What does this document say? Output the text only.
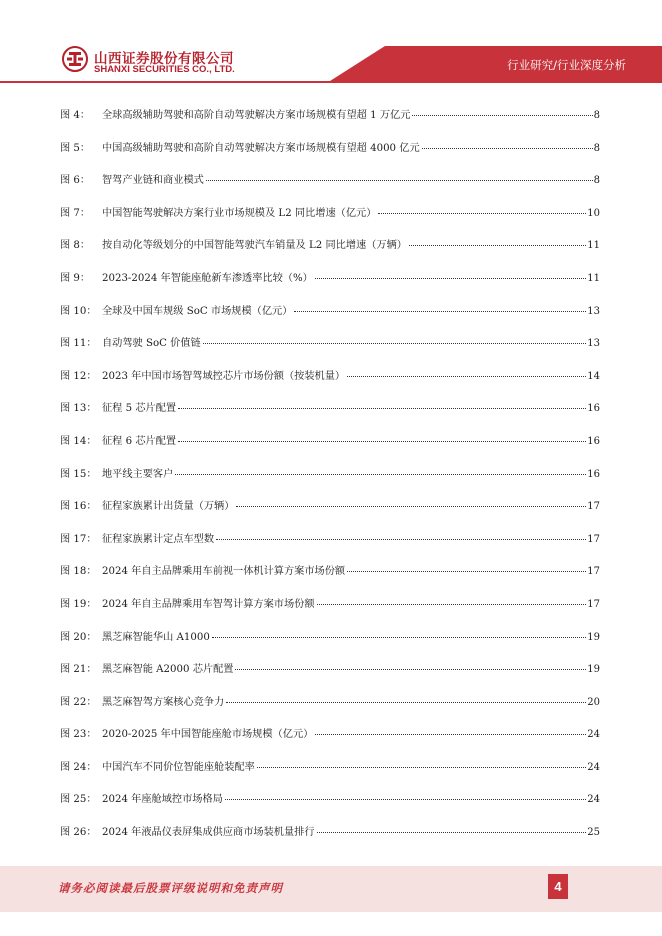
山西证券股份有限公司
SHANXI SECURITIES CO., LTD.	行业研究/行业深度分析
图 4：	全球高级辅助驾驶和高阶自动驾驶解决方案市场规模有望超 1 万亿元	8
图 5：	中国高级辅助驾驶和高阶自动驾驶解决方案市场规模有望超 4000 亿元	8
图 6：	智驾产业链和商业模式	8
图 7：	中国智能驾驶解决方案行业市场规模及 L2 同比增速（亿元）	10
图 8：	按自动化等级划分的中国智能驾驶汽车销量及 L2 同比增速（万辆）	11
图 9：	2023-2024 年智能座舱新车渗透率比较（%）	11
图 10： 全球及中国车规级 SoC 市场规模（亿元）	13
图 11： 自动驾驶 SoC 价值链	13
图 12： 2023 年中国市场智驾域控芯片市场份额（按装机量）	14
图 13： 征程 5 芯片配置	16
图 14： 征程 6 芯片配置	16
图 15： 地平线主要客户	16
图 16： 征程家族累计出货量（万辆）	17
图 17： 征程家族累计定点车型数	17
图 18： 2024 年自主品牌乘用车前视一体机计算方案市场份额	17
图 19： 2024 年自主品牌乘用车智驾计算方案市场份额	17
图 20： 黑芝麻智能华山 A1000	19
图 21： 黑芝麻智能 A2000 芯片配置	19
图 22： 黑芝麻智驾方案核心竞争力	20
图 23： 2020-2025 年中国智能座舱市场规模（亿元）	24
图 24： 中国汽车不同价位智能座舱装配率	24
图 25： 2024 年座舱域控市场格局	24
图 26： 2024 年液晶仪表屏集成供应商市场装机量排行	25
请务必阅读最后股票评级说明和免责声明	4
